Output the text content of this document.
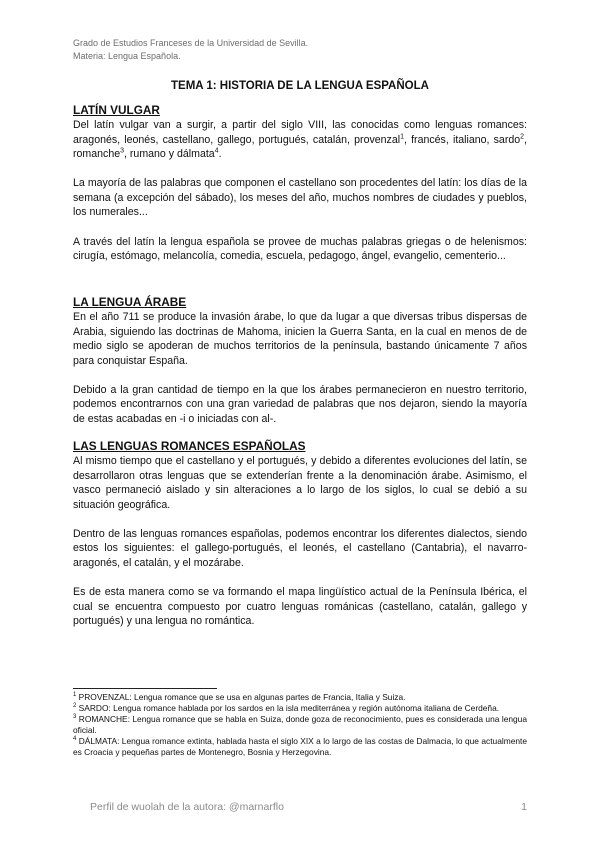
Grado de Estudios Franceses de la Universidad de Sevilla.
Materia: Lengua Española.
TEMA 1: HISTORIA DE LA LENGUA ESPAÑOLA
LATÍN VULGAR

Del latín vulgar van a surgir, a partir del siglo VIII, las conocidas como lenguas romances: aragonés, leonés, castellano, gallego, portugués, catalán, provenzal$^1$, francés, italiano, sardo$^2$, romanche$^3$, rumano y dálmata$^4$.

La mayoría de las palabras que componen el castellano son procedentes del latín: los días de la semana (a excepción del sábado), los meses del año, muchos nombres de ciudades y pueblos, los numerales...

A través del latín la lengua española se provee de muchas palabras griegas o de helenismos: cirugía, estómago, melancolía, comedia, escuela, pedagogo, ángel, evangelio, cementerio...

LA LENGUA ÁRABE

En el año 711 se produce la invasión árabe, lo que da lugar a que diversas tribus dispersas de Arabia, siguiendo las doctrinas de Mahoma, inicien la Guerra Santa, en la cual en menos de de medio siglo se apoderan de muchos territorios de la península, bastando únicamente 7 años para conquistar España.

Debido a la gran cantidad de tiempo en la que los árabes permanecieron en nuestro territorio, podemos encontrarnos con una gran variedad de palabras que nos dejaron, siendo la mayoría de estas acabadas en -i o iniciadas con al-.

LAS LENGUAS ROMANCES ESPAÑOLAS

Al mismo tiempo que el castellano y el portugués, y debido a diferentes evoluciones del latín, se desarrollaron otras lenguas que se extenderían frente a la denominación árabe. Asimismo, el vasco permaneció aislado y sin alteraciones a lo largo de los siglos, lo cual se debió a su situación geográfica.

Dentro de las lenguas romances españolas, podemos encontrar los diferentes dialectos, siendo estos los siguientes: el gallego-portugués, el leonés, el castellano (Cantabria), el navarro-aragonés, el catalán, y el mozárabe.

Es de esta manera como se va formando el mapa lingüístico actual de la Península Ibérica, el cual se encuentra compuesto por cuatro lenguas románicas (castellano, catalán, gallego y portugués) y una lengua no romántica.

$^1$ PROVENZAL: Lengua romance que se usa en algunas partes de Francia, Italia y Suiza.

$^2$ SARDO: Lengua romance hablada por los sardos en la isla mediterránea y región autónoma italiana de Cerdeña.

$^3$ ROMANCHE: Lengua romance que se habla en Suiza, donde goza de reconocimiento, pues es considerada una lengua oficial.

$^4$ DÁLMATA: Lengua romance extinta, hablada hasta el siglo XIX a lo largo de las costas de Dalmacia, lo que actualmente es Croacia y pequeñas partes de Montenegro, Bosnia y Herzegovina.

Perfil de wuolah de la autora: @marnarflo	1
